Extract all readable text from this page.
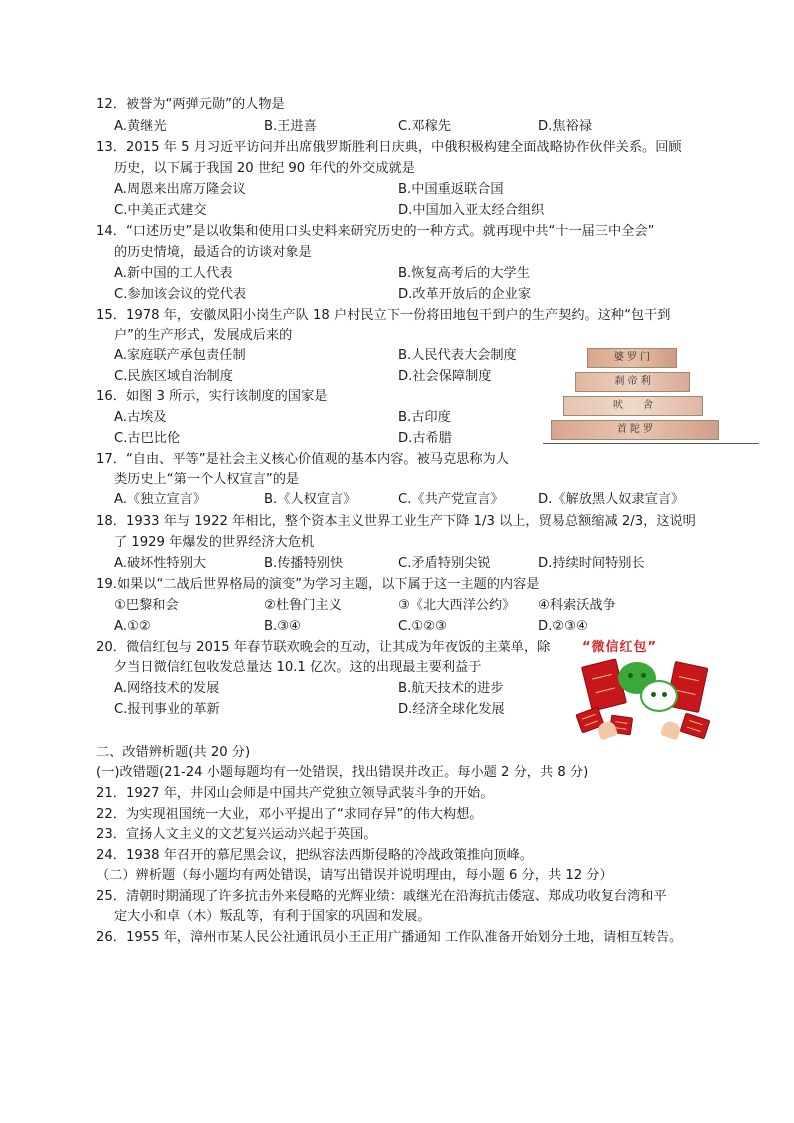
12．被誉为“两弹元勋”的人物是
A.黄继光	B.王进喜	C.邓稼先	D.焦裕禄
13．2015 年 5 月习近平访问并出席俄罗斯胜利日庆典，中俄积极构建全面战略协作伙伴关系。回顾
历史，以下属于我国 20 世纪 90 年代的外交成就是
A.周恩来出席万隆会议	B.中国重返联合国
C.中美正式建交	D.中国加入亚太经合组织
14．“口述历史”是以收集和使用口头史料来研究历史的一种方式。就再现中共“十一届三中全会”
的历史情境，最适合的访谈对象是
A.新中国的工人代表	B.恢复高考后的大学生
C.参加该会议的党代表	D.改革开放后的企业家
15．1978 年，安徽凤阳小岗生产队 18 户村民立下一份将田地包干到户的生产契约。这种“包干到
户”的生产形式，发展成后来的
A.家庭联产承包责任制	B.人民代表大会制度
C.民族区域自治制度	D.社会保障制度
16．如图 3 所示，实行该制度的国家是
A.古埃及	B.古印度
C.古巴比伦	D.古希腊
婆 罗 门
刹 帝 利
吠　　舍
首 陀 罗
17．“自由、平等”是社会主义核心价值观的基本内容。被马克思称为人
类历史上“第一个人权宣言”的是
A.《独立宣言》	B.《人权宣言》	C.《共产党宣言》	D.《解放黑人奴隶宣言》
18．1933 年与 1922 年相比，整个资本主义世界工业生产下降 1/3 以上，贸易总额缩减 2/3，这说明
了 1929 年爆发的世界经济大危机
A.破坏性特别大	B.传播特别快	C.矛盾特别尖锐	D.持续时间特别长
19.如果以“二战后世界格局的演变”为学习主题，以下属于这一主题的内容是
①巴黎和会	②杜鲁门主义	③《北大西洋公约》 ④科索沃战争
A.①②	B.③④	C.①②③	D.②③④
20．微信红包与 2015 年春节联欢晚会的互动，让其成为年夜饭的主菜单，除
夕当日微信红包收发总量达 10.1 亿次。这的出现最主要利益于
A.网络技术的发展	B.航天技术的进步
C.报刊事业的革新	D.经济全球化发展
“微信红包”
二、改错辨析题(共 20 分)
(一)改错题(21-24 小题每题均有一处错误，找出错误并改正。每小题 2 分，共 8 分)
21．1927 年，井冈山会师是中国共产党独立领导武装斗争的开始。
22．为实现祖国统一大业，邓小平提出了“求同存异”的伟大构想。
23．宣扬人文主义的文艺复兴运动兴起于英国。
24．1938 年召开的慕尼黑会议，把纵容法西斯侵略的冷战政策推向顶峰。
（二）辨析题（每小题均有两处错误，请写出错误并说明理由，每小题 6 分，共 12 分）
25．清朝时期涌现了许多抗击外来侵略的光辉业绩：戚继光在沿海抗击倭寇、郑成功收复台湾和平
定大小和卓（木）叛乱等，有利于国家的巩固和发展。
26．1955 年，漳州市某人民公社通讯员小王正用广播通知 工作队准备开始划分土地，请相互转告。
